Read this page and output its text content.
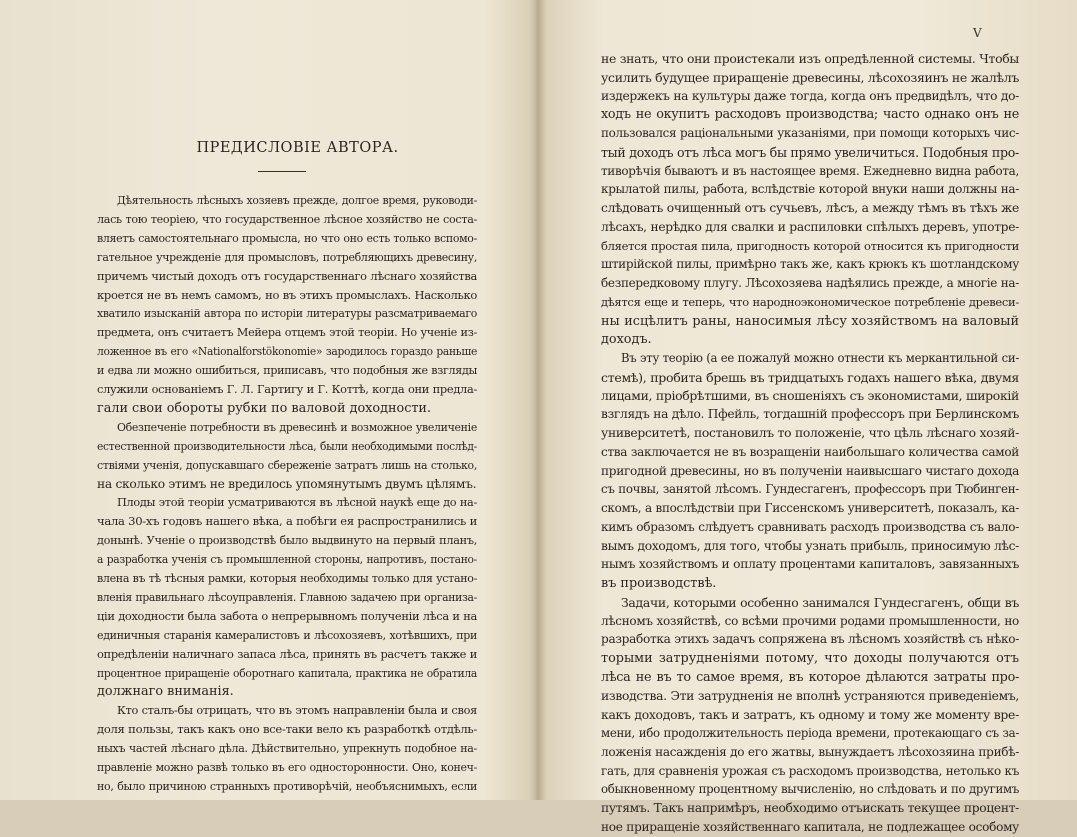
ПРЕДИСЛОВIЕ АВТОРА.
Дѣятельность лѣсныхъ хозяевъ прежде, долгое время, руководи-
лась тою теорiею, что государственное лѣсное хозяйство не соста-
вляетъ самостоятельнаго промысла, но что оно есть только вспомо-
гательное учрежденiе для промысловъ, потребляющихъ древесину,
причемъ чистый доходъ отъ государственнаго лѣснаго хозяйства
кроется не въ немъ самомъ, но въ этихъ промыслахъ. Насколько
хватило изысканiй автора по исторiи литературы разсматриваемаго
предмета, онъ считаетъ Мейера отцемъ этой теорiи. Но ученiе из-
ложенное въ его «Nationalforstökonomie» зародилось гораздо раньше
и едва ли можно ошибиться, приписавъ, что подобныя же взгляды
служили основанiемъ Г. Л. Гартигу и Г. Коттѣ, когда они предла-
гали свои обороты рубки по валовой доходности.
Обезпеченiе потребности въ древесинѣ и возможное увеличенiе
естественной производительности лѣса, были необходимыми послѣд-
ствiями ученiя, допускавшаго сбереженiе затратъ лишь на столько,
на сколько этимъ не вредилось упомянутымъ двумъ цѣлямъ.
Плоды этой теорiи усматриваются въ лѣсной наукѣ еще до на-
чала 30-хъ годовъ нашего вѣка, а побѣги ея распространились и
донынѣ. Ученiе о производствѣ было выдвинуто на первый планъ,
а разработка ученiя съ промышленной стороны, напротивъ, постано-
влена въ тѣ тѣсныя рамки, которыя необходимы только для устано-
вленiя правильнаго лѣсоуправленiя. Главною задачею при организа-
цiи доходности была забота о непрерывномъ полученiи лѣса и на
единичныя старанiя камералистовъ и лѣсохозяевъ, хотѣвшихъ, при
опредѣленiи наличнаго запаса лѣса, принять въ расчетъ также и
процентное приращенiе оборотнаго капитала, практика не обратила
должнаго вниманiя.
Кто сталъ-бы отрицать, что въ этомъ направленiи была и своя
доля пользы, такъ какъ оно все-таки вело къ разработкѣ отдѣль-
ныхъ частей лѣснаго дѣла. Дѣйствительно, упрекнуть подобное на-
правленiе можно развѣ только въ его односторонности. Оно, конеч-
но, было причиною странныхъ противорѣчiй, необъяснимыхъ, если
не знать, что они проистекали изъ опредѣленной системы. Чтобы
усилить будущее приращенiе древесины, лѣсохозяинъ не жалѣлъ
издержекъ на культуры даже тогда, когда онъ предвидѣлъ, что до-
ходъ не окупитъ расходовъ производства; часто однако онъ не
пользовался рацiональными указанiями, при помощи которыхъ чис-
тый доходъ отъ лѣса могъ бы прямо увеличиться. Подобныя про-
тиворѣчiя бываютъ и въ настоящее время. Ежедневно видна работа,
крылатой пилы, работа, вслѣдствiе которой внуки наши должны на-
слѣдовать очищенный отъ сучьевъ, лѣсъ, а между тѣмъ въ тѣхъ же
лѣсахъ, нерѣдко для свалки и распиловки спѣлыхъ деревъ, употре-
бляется простая пила, пригодность которой относится къ пригодности
штирiйской пилы, примѣрно такъ же, какъ крюкъ къ шотландскому
безпередковому плугу. Лѣсохозяева надѣялись прежде, а многiе на-
дѣятся еще и теперь, что народноэкономическое потребленiе древеси-
ны исцѣлитъ раны, наносимыя лѣсу хозяйствомъ на валовый
доходъ.
Въ эту теорiю (а ее пожалуй можно отнести къ меркантильной си-
стемѣ), пробита брешь въ тридцатыхъ годахъ нашего вѣка, двумя
лицами, прiобрѣтшими, въ сношенiяхъ съ экономистами, широкiй
взглядъ на дѣло. Пфейль, тогдашнiй профессоръ при Берлинскомъ
университетѣ, постановилъ то положенiе, что цѣль лѣснаго хозяй-
ства заключается не въ возращенiи наибольшаго количества самой
пригодной древесины, но въ полученiи наивысшаго чистаго дохода
съ почвы, занятой лѣсомъ. Гундесгагенъ, профессоръ при Тюбинген-
скомъ, а впослѣдствiи при Гиссенскомъ университетѣ, показалъ, ка-
кимъ образомъ слѣдуетъ сравнивать расходъ производства съ вало-
вымъ доходомъ, для того, чтобы узнать прибыль, приносимую лѣс-
нымъ хозяйствомъ и оплату процентами капиталовъ, завязанныхъ
въ производствѣ.
Задачи, которыми особенно занимался Гундесгагенъ, общи въ
лѣсномъ хозяйствѣ, со всѣми прочими родами промышленности, но
разработка этихъ задачъ сопряжена въ лѣсномъ хозяйствѣ съ нѣко-
торыми затрудненiями потому, что доходы получаются отъ
лѣса не въ то самое время, въ которое дѣлаются затраты про-
изводства. Эти затрудненiя не вполнѣ устраняются приведенiемъ,
какъ доходовъ, такъ и затратъ, къ одному и тому же моменту вре-
мени, ибо продолжительность перiода времени, протекающаго съ за-
ложенiя насажденiя до его жатвы, вынуждаетъ лѣсохозяина прибѣ-
гать, для сравненiя урожая съ расходомъ производства, нетолько къ
обыкновенному процентному вычисленiю, но слѣдовать и по другимъ
путямъ. Такъ напримѣръ, необходимо отъискать текущее процент-
ное приращенiе хозяйственнаго капитала, не подлежащее особому
V
